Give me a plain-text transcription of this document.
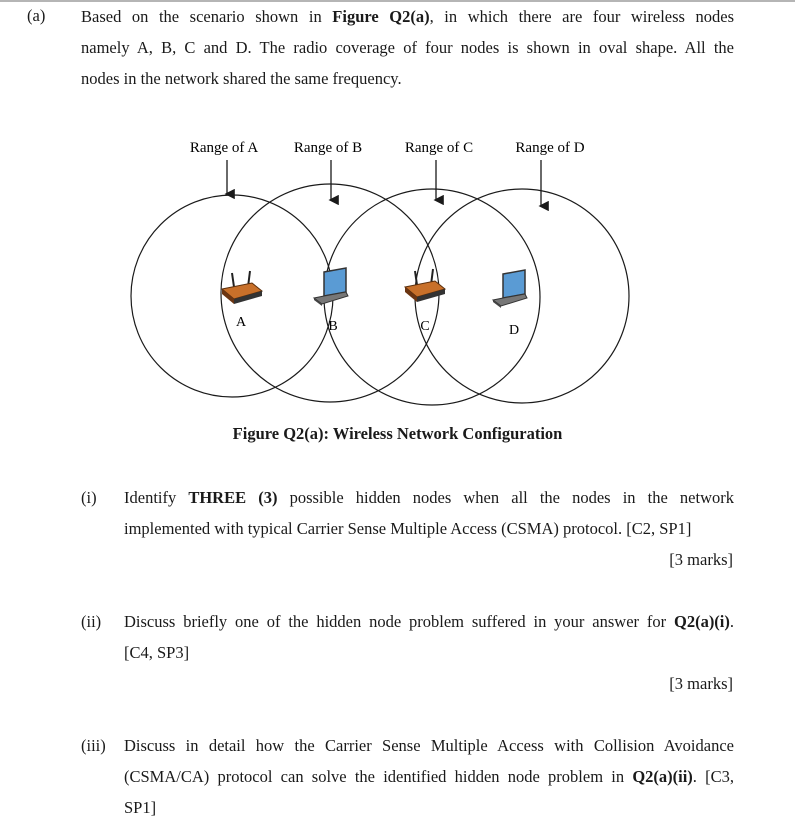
(a) Based on the scenario shown in Figure Q2(a), in which there are four wireless nodes
namely A, B, C and D. The radio coverage of four nodes is shown in oval shape. All the
nodes in the network shared the same frequency.
Range of A Range of B	Range of C	Range of D
A	B	C	D
Figure Q2(a): Wireless Network Configuration
(i) Identify THREE (3) possible hidden nodes when all the nodes in the network
implemented with typical Carrier Sense Multiple Access (CSMA) protocol. [C2, SP1]
[3 marks]
(ii) Discuss briefly one of the hidden node problem suffered in your answer for Q2(a)(i).
[C4, SP3]
[3 marks]
(iii) Discuss in detail how the Carrier Sense Multiple Access with Collision Avoidance
(CSMA/CA) protocol can solve the identified hidden node problem in Q2(a)(ii). [C3,
SP1]
